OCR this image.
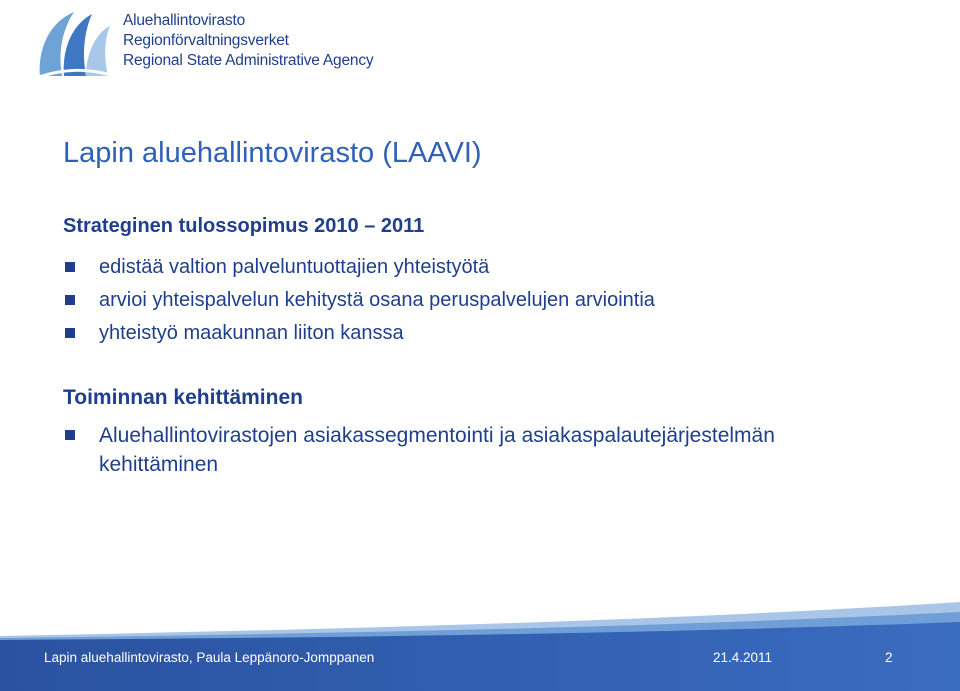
Aluehallintovirasto
Regionförvaltningsverket
Regional State Administrative Agency
Lapin aluehallintovirasto (LAAVI)
Strateginen tulossopimus 2010 – 2011
edistää valtion palveluntuottajien yhteistyötä
arvioi yhteispalvelun kehitystä osana peruspalvelujen arviointia
yhteistyö maakunnan liiton kanssa
Toiminnan kehittäminen
Aluehallintovirastojen asiakassegmentointi ja asiakaspalautejärjestelmän
kehittäminen
Lapin aluehallintovirasto, Paula Leppänoro-Jomppanen	21.4.2011	2
